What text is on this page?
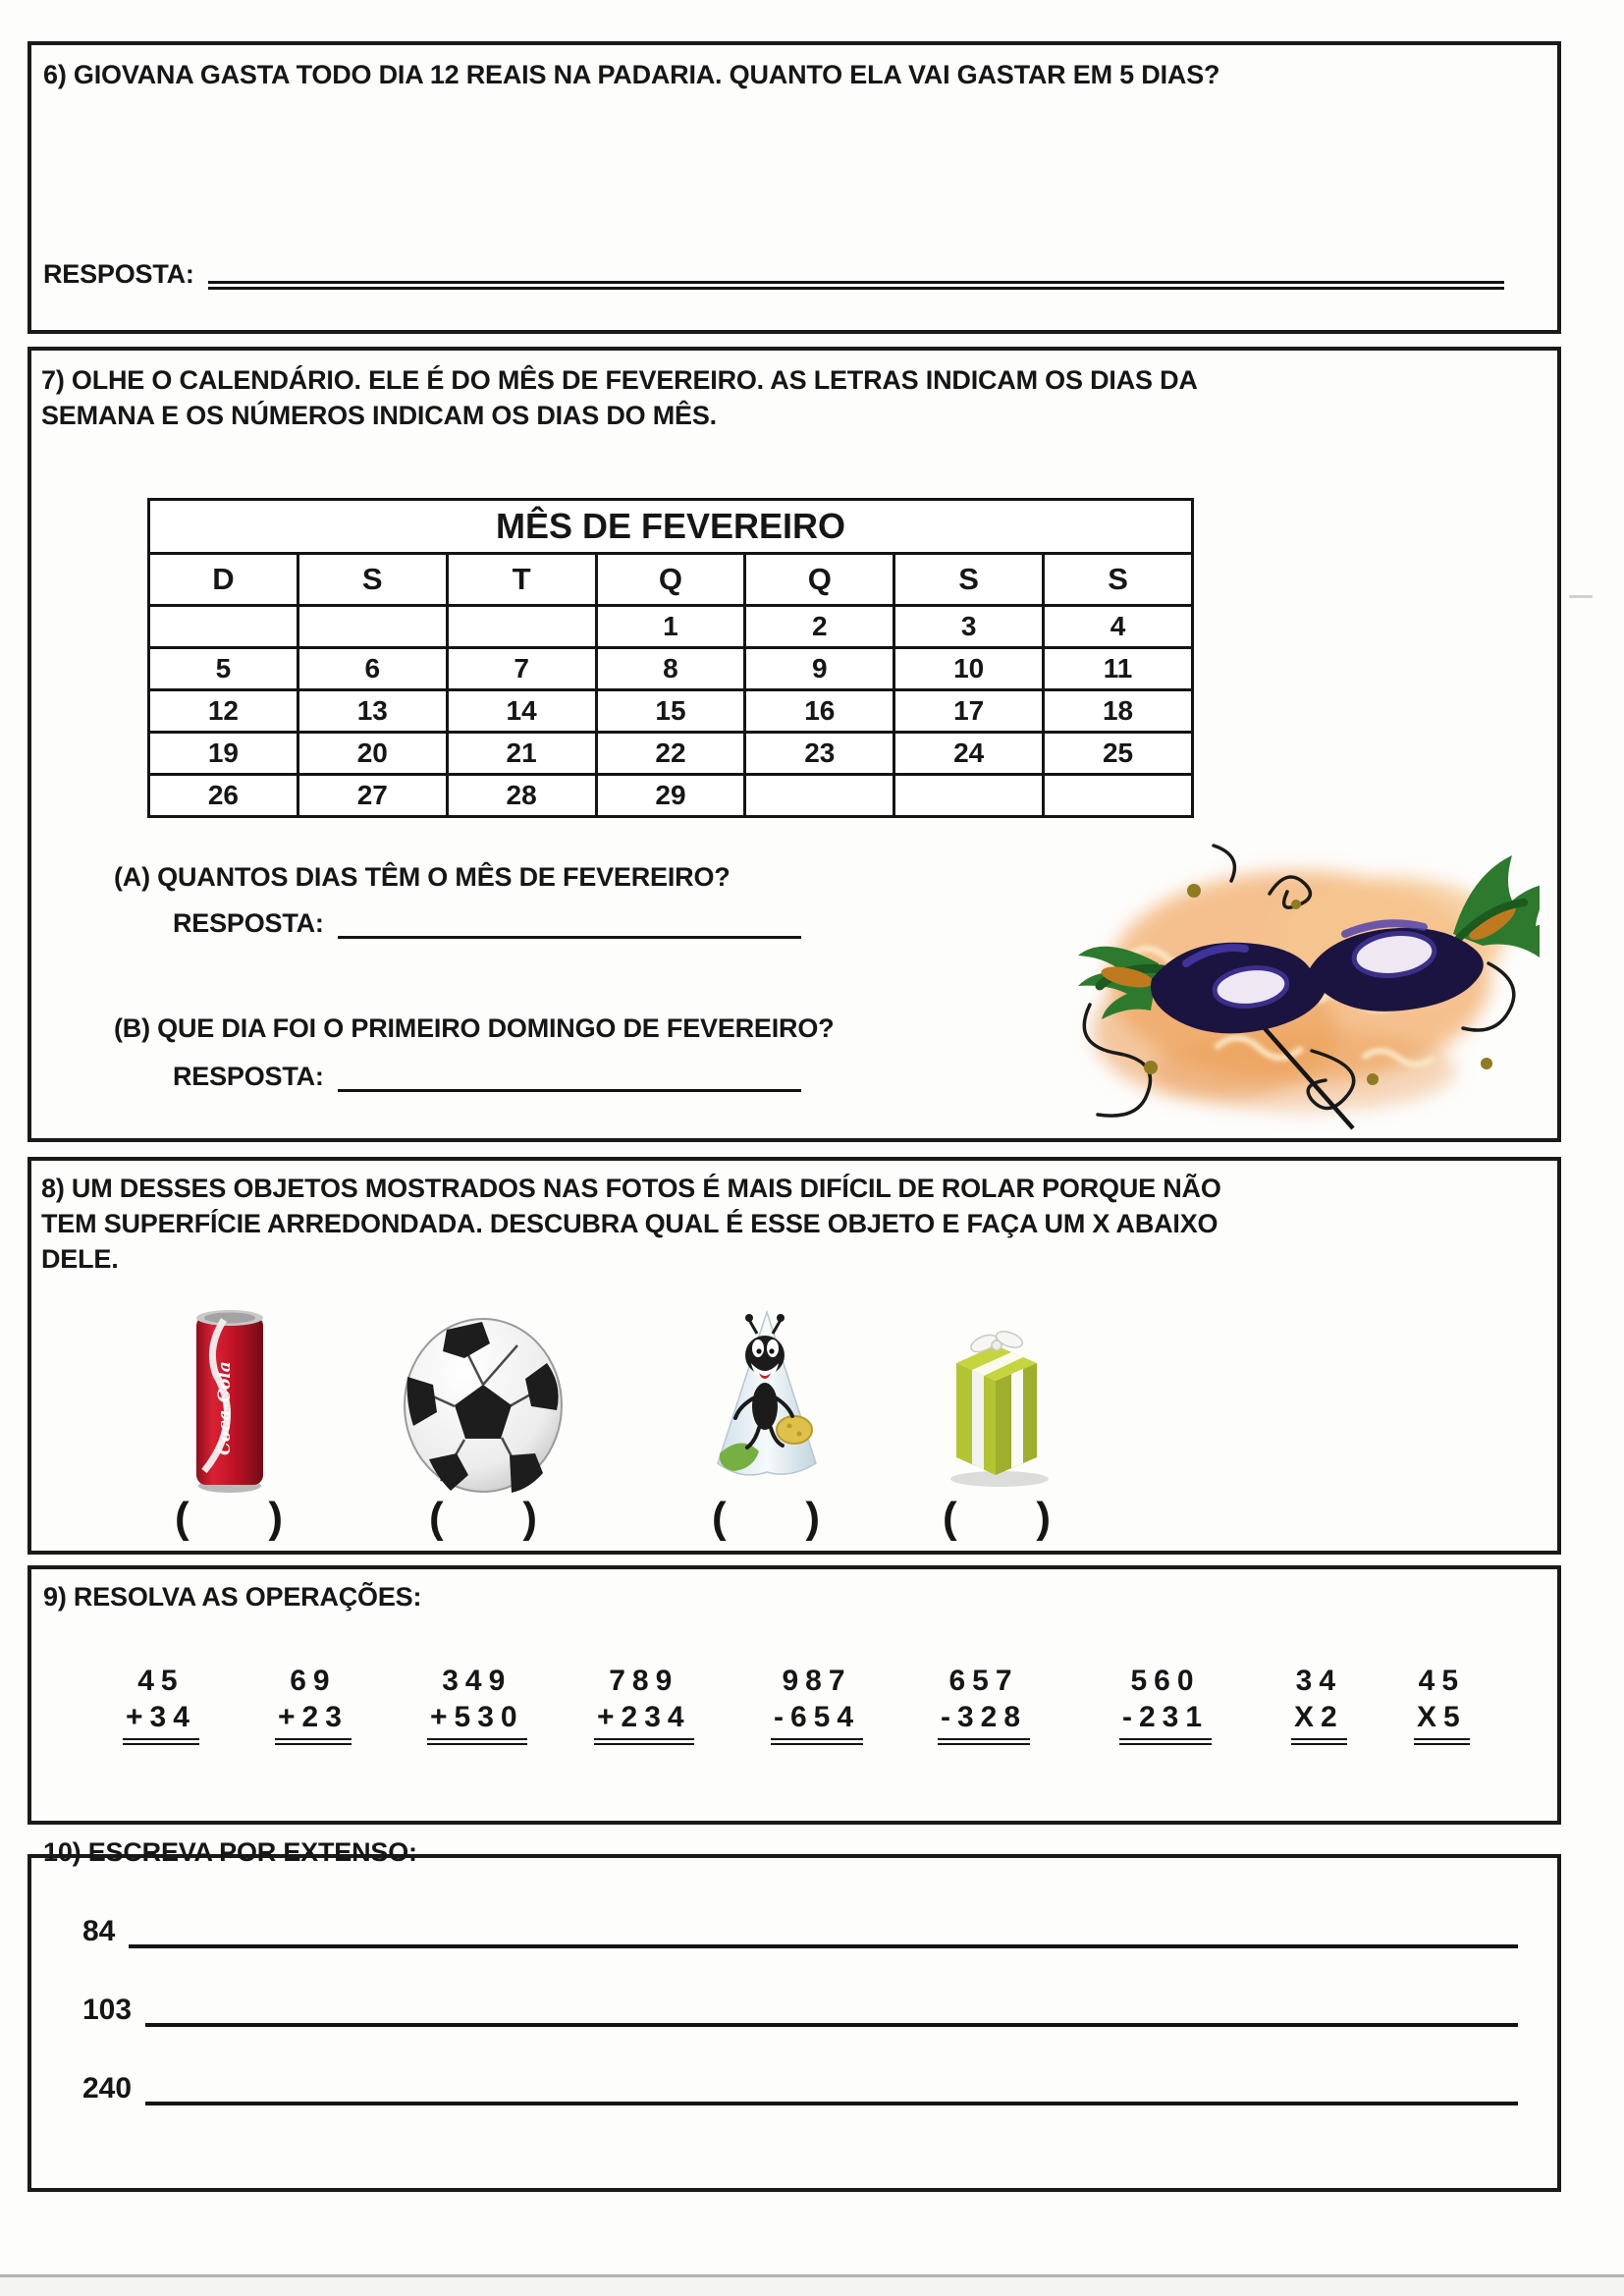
6) GIOVANA GASTA TODO DIA 12 REAIS NA PADARIA. QUANTO ELA VAI GASTAR EM 5 DIAS?
RESPOSTA:
7) OLHE O CALENDÁRIO. ELE É DO MÊS DE FEVEREIRO. AS LETRAS INDICAM OS DIAS DA
SEMANA E OS NÚMEROS INDICAM OS DIAS DO MÊS.
MÊS DE FEVEREIRO						
D	S	T	Q	Q	S	S
			1	2	3	4
5	6	7	8	9	10	11
12	13	14	15	16	17	18
19	20	21	22	23	24	25
26	27	28	29			
(A) QUANTOS DIAS TÊM O MÊS DE FEVEREIRO?
RESPOSTA:
(B) QUE DIA FOI O PRIMEIRO DOMINGO DE FEVEREIRO?
RESPOSTA:
8) UM DESSES OBJETOS MOSTRADOS NAS FOTOS É MAIS DIFÍCIL DE ROLAR PORQUE NÃO
TEM SUPERFÍCIE ARREDONDADA. DESCUBRA QUAL É ESSE OBJETO E FAÇA UM X ABAIXO
DELE.
Coca-Cola
( )	( )	( )	( )
9) RESOLVA AS OPERAÇÕES:
45
+34
69
+23
349
+530
789
+234
987
-654
657
-328
560
-231
34
X2
45
X5
10) ESCREVA POR EXTENSO:
84
103
240
